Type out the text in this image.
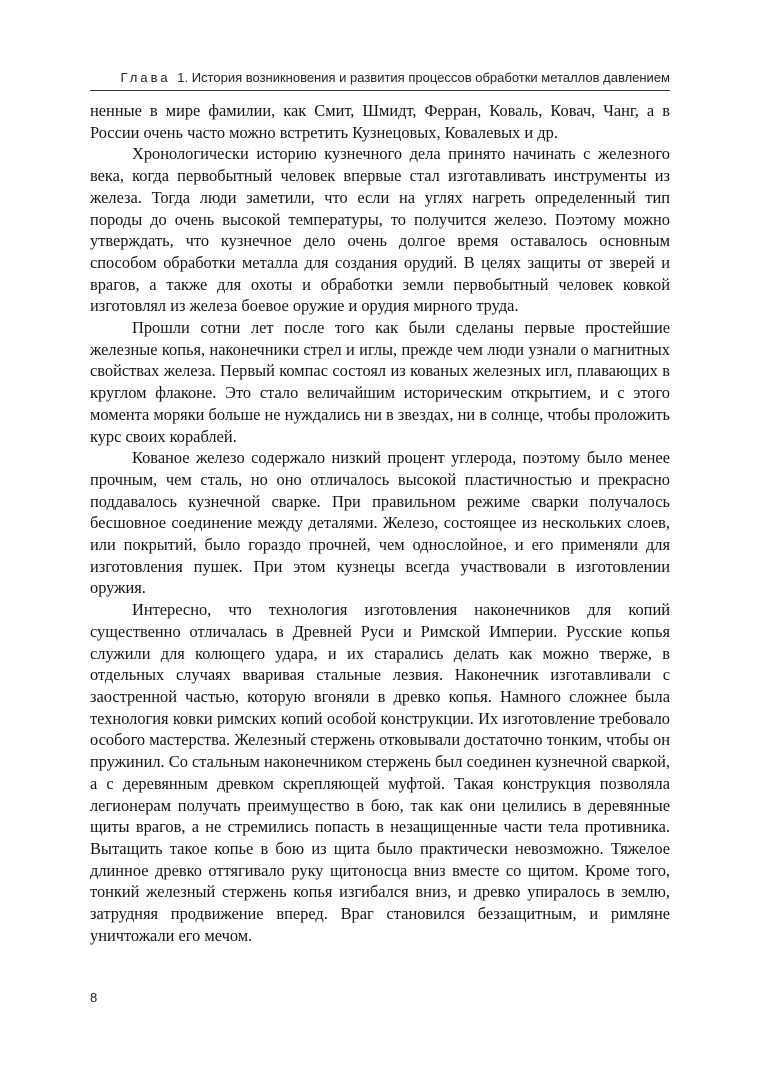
Глава 1. История возникновения и развития процессов обработки металлов давлением

ненные в мире фамилии, как Смит, Шмидт, Ферран, Коваль, Ковач, Чанг, а в России очень часто можно встретить Кузнецовых, Ковалевых и др.

Хронологически историю кузнечного дела принято начинать с железного века, когда первобытный человек впервые стал изготавливать инструменты из железа. Тогда люди заметили, что если на углях нагреть определенный тип породы до очень высокой температуры, то получится железо. Поэтому можно утверждать, что кузнечное дело очень долгое время оставалось основным способом обработки металла для создания орудий. В целях защиты от зверей и врагов, а также для охоты и обработки земли первобытный человек ковкой изготовлял из железа боевое оружие и орудия мирного труда.

Прошли сотни лет после того как были сделаны первые простейшие железные копья, наконечники стрел и иглы, прежде чем люди узнали о магнитных свойствах железа. Первый компас состоял из кованых железных игл, плавающих в круглом флаконе. Это стало величайшим историческим открытием, и с этого момента моряки больше не нуждались ни в звездах, ни в солнце, чтобы проложить курс своих кораблей.

Кованое железо содержало низкий процент углерода, поэтому было менее прочным, чем сталь, но оно отличалось высокой пластичностью и прекрасно поддавалось кузнечной сварке. При правильном режиме сварки получалось бесшовное соединение между деталями. Железо, состоящее из нескольких слоев, или покрытий, было гораздо прочней, чем однослойное, и его применяли для изготовления пушек. При этом кузнецы всегда участвовали в изготовлении оружия.

Интересно, что технология изготовления наконечников для копий существенно отличалась в Древней Руси и Римской Империи. Русские копья служили для колющего удара, и их старались делать как можно тверже, в отдельных случаях вваривая стальные лезвия. Наконечник изготавливали с заостренной частью, которую вгоняли в древко копья. Намного сложнее была технология ковки римских копий особой конструкции. Их изготовление требовало особого мастерства. Железный стержень отковывали достаточно тонким, чтобы он пружинил. Со стальным наконечником стержень был соединен кузнечной сваркой, а с деревянным древком скрепляющей муфтой. Такая конструкция позволяла легионерам получать преимущество в бою, так как они целились в деревянные щиты врагов, а не стремились попасть в незащищенные части тела противника. Вытащить такое копье в бою из щита было практически невозможно. Тяжелое длинное древко оттягивало руку щитоносца вниз вместе со щитом. Кроме того, тонкий железный стержень копья изгибался вниз, и древко упиралось в землю, затрудняя продвижение вперед. Враг становился беззащитным, и римляне уничтожали его мечом.

8
